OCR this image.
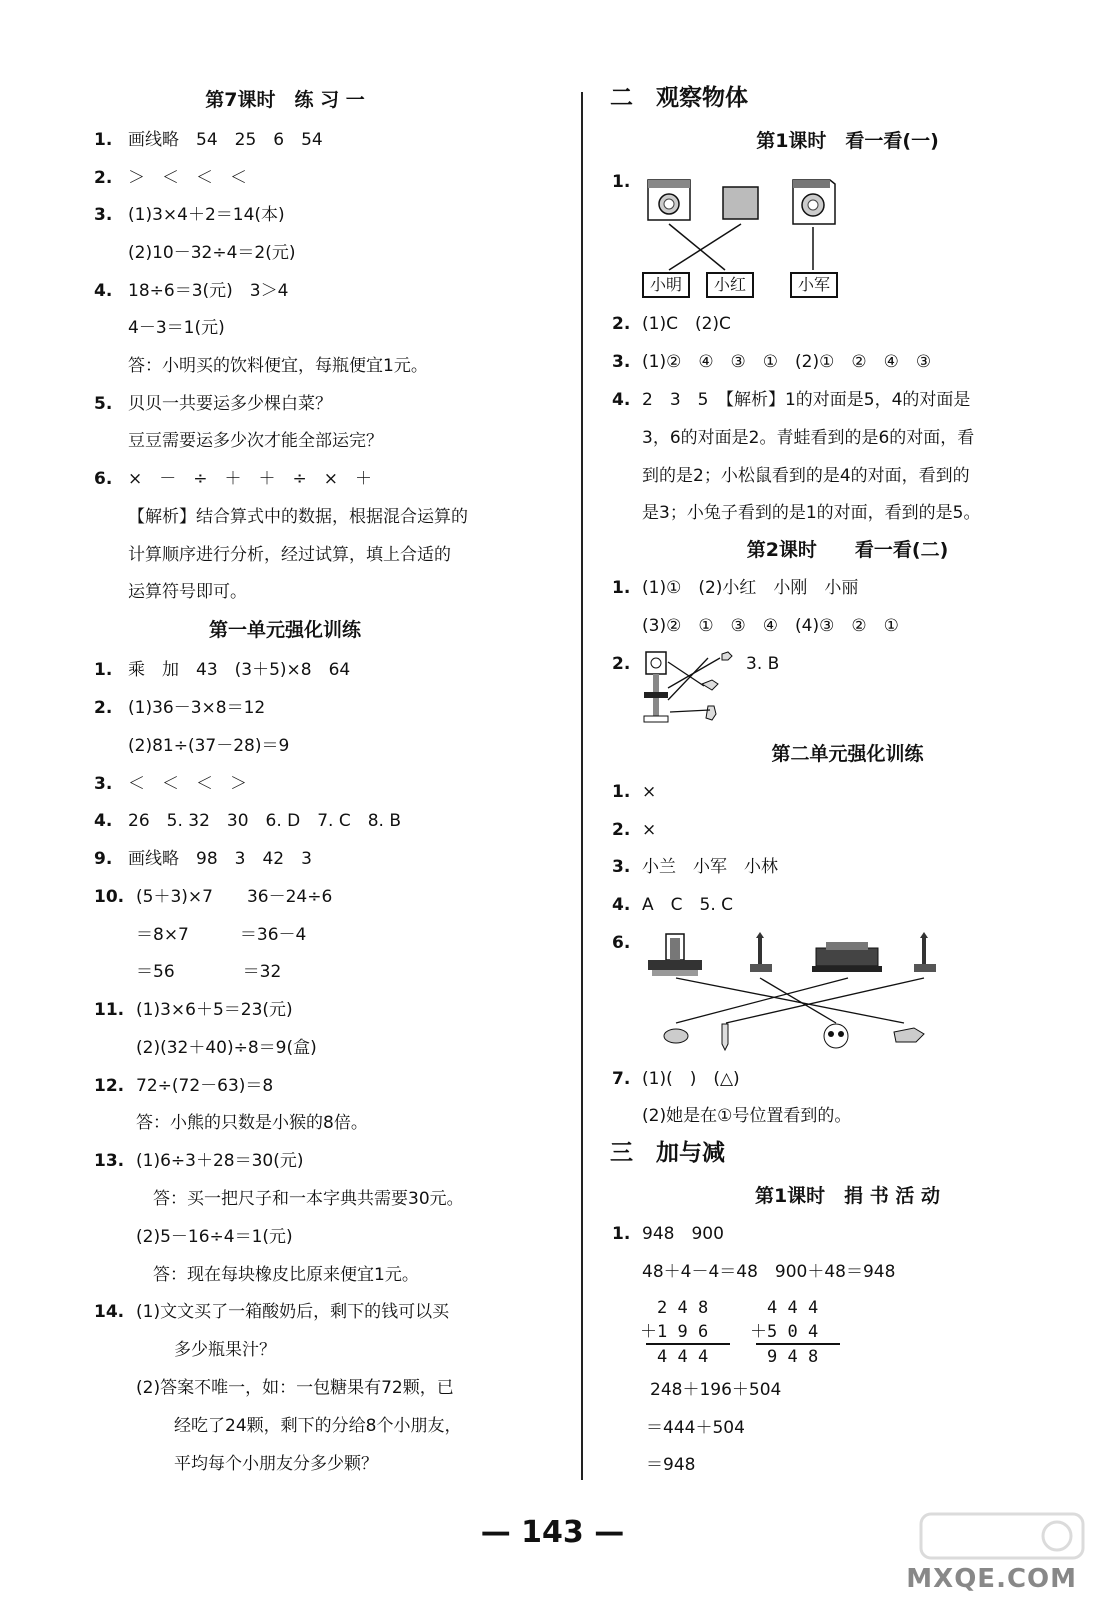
第7课时　练 习 一
1. 画线略　54　25　6　54
2. ＞　＜　＜　＜
3. (1)3×4＋2＝14(本)
(2)10－32÷4＝2(元)
4. 18÷6＝3(元)　3＞4
4－3＝1(元)
答：小明买的饮料便宜，每瓶便宜1元。
5. 贝贝一共要运多少棵白菜？
豆豆需要运多少次才能全部运完？
6. ×　－　÷　＋　＋　÷　×　＋
【解析】结合算式中的数据，根据混合运算的
计算顺序进行分析，经过试算，填上合适的
运算符号即可。
第一单元强化训练
1. 乘　加　43　(3＋5)×8　64
2. (1)36－3×8＝12
(2)81÷(37－28)＝9
3. ＜　＜　＜　＞
4. 26　5. 32　30　6. D　7. C　8. B
9. 画线略　98　3　42　3
10. (5＋3)×7　　36－24÷6
＝8×7　　　＝36－4
＝56　　　　＝32
11. (1)3×6＋5＝23(元)
(2)(32＋40)÷8＝9(盒)
12. 72÷(72－63)＝8
答：小熊的只数是小猴的8倍。
13. (1)6÷3＋28＝30(元)
　答：买一把尺子和一本字典共需要30元。
(2)5－16÷4＝1(元)
　答：现在每块橡皮比原来便宜1元。
14. (1)文文买了一箱酸奶后，剩下的钱可以买
多少瓶果汁？
(2)答案不唯一，如：一包糖果有72颗，已
经吃了24颗，剩下的分给8个小朋友，
平均每个小朋友分多少颗？
二　观察物体
第1课时　看一看(一)
1.
小明	小红	小军
2. (1)C　(2)C
3. (1)②　④　③　①　(2)①　②　④　③
4. 2　3　5　【解析】1的对面是5，4的对面是
3，6的对面是2。青蛙看到的是6的对面，看
到的是2；小松鼠看到的是4的对面，看到的
是3；小兔子看到的是1的对面，看到的是5。
第2课时　　看一看(二)
1. (1)①　(2)小红　小刚　小丽
(3)②　①　③　④　(4)③　②　①
2.	3. B
第二单元强化训练
1. ×
2. ×
3. 小兰　小军　小林
4. A　C　5. C
6.
7. (1)(　)　(△)
(2)她是在①号位置看到的。
三　加与减
第1课时　捐 书 活 动
1. 948　900
48＋4－4＝48　900＋48＝948
　2 4 8
＋1 9 6
　4 4 4
　4 4 4
＋5 0 4
　9 4 8
248＋196＋504
＝444＋504
＝948
— 143 —
MXQE.COM
